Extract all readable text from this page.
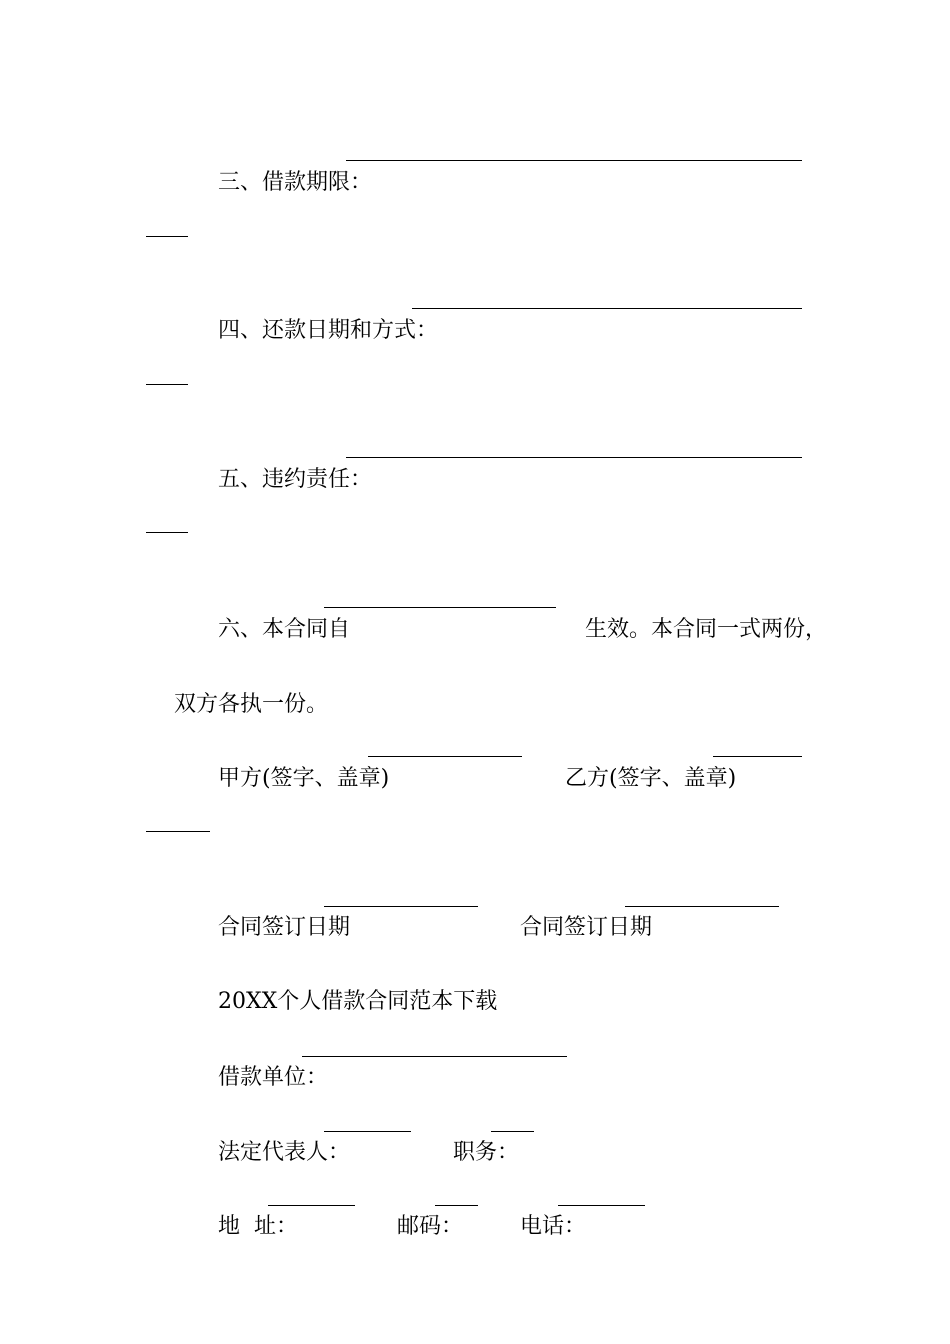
三、借款期限：

四、还款日期和方式：

五、违约责任：

六、本合同自
	生效。本合同一式两份，

双方各执一份。

甲方(签字、盖章)
	乙方(签字、盖章)

合同签订日期
	合同签订日期

20XX个人借款合同范本下载

借款单位：

法定代表人：
	职务：

地  址：
	邮码：
	电话：
